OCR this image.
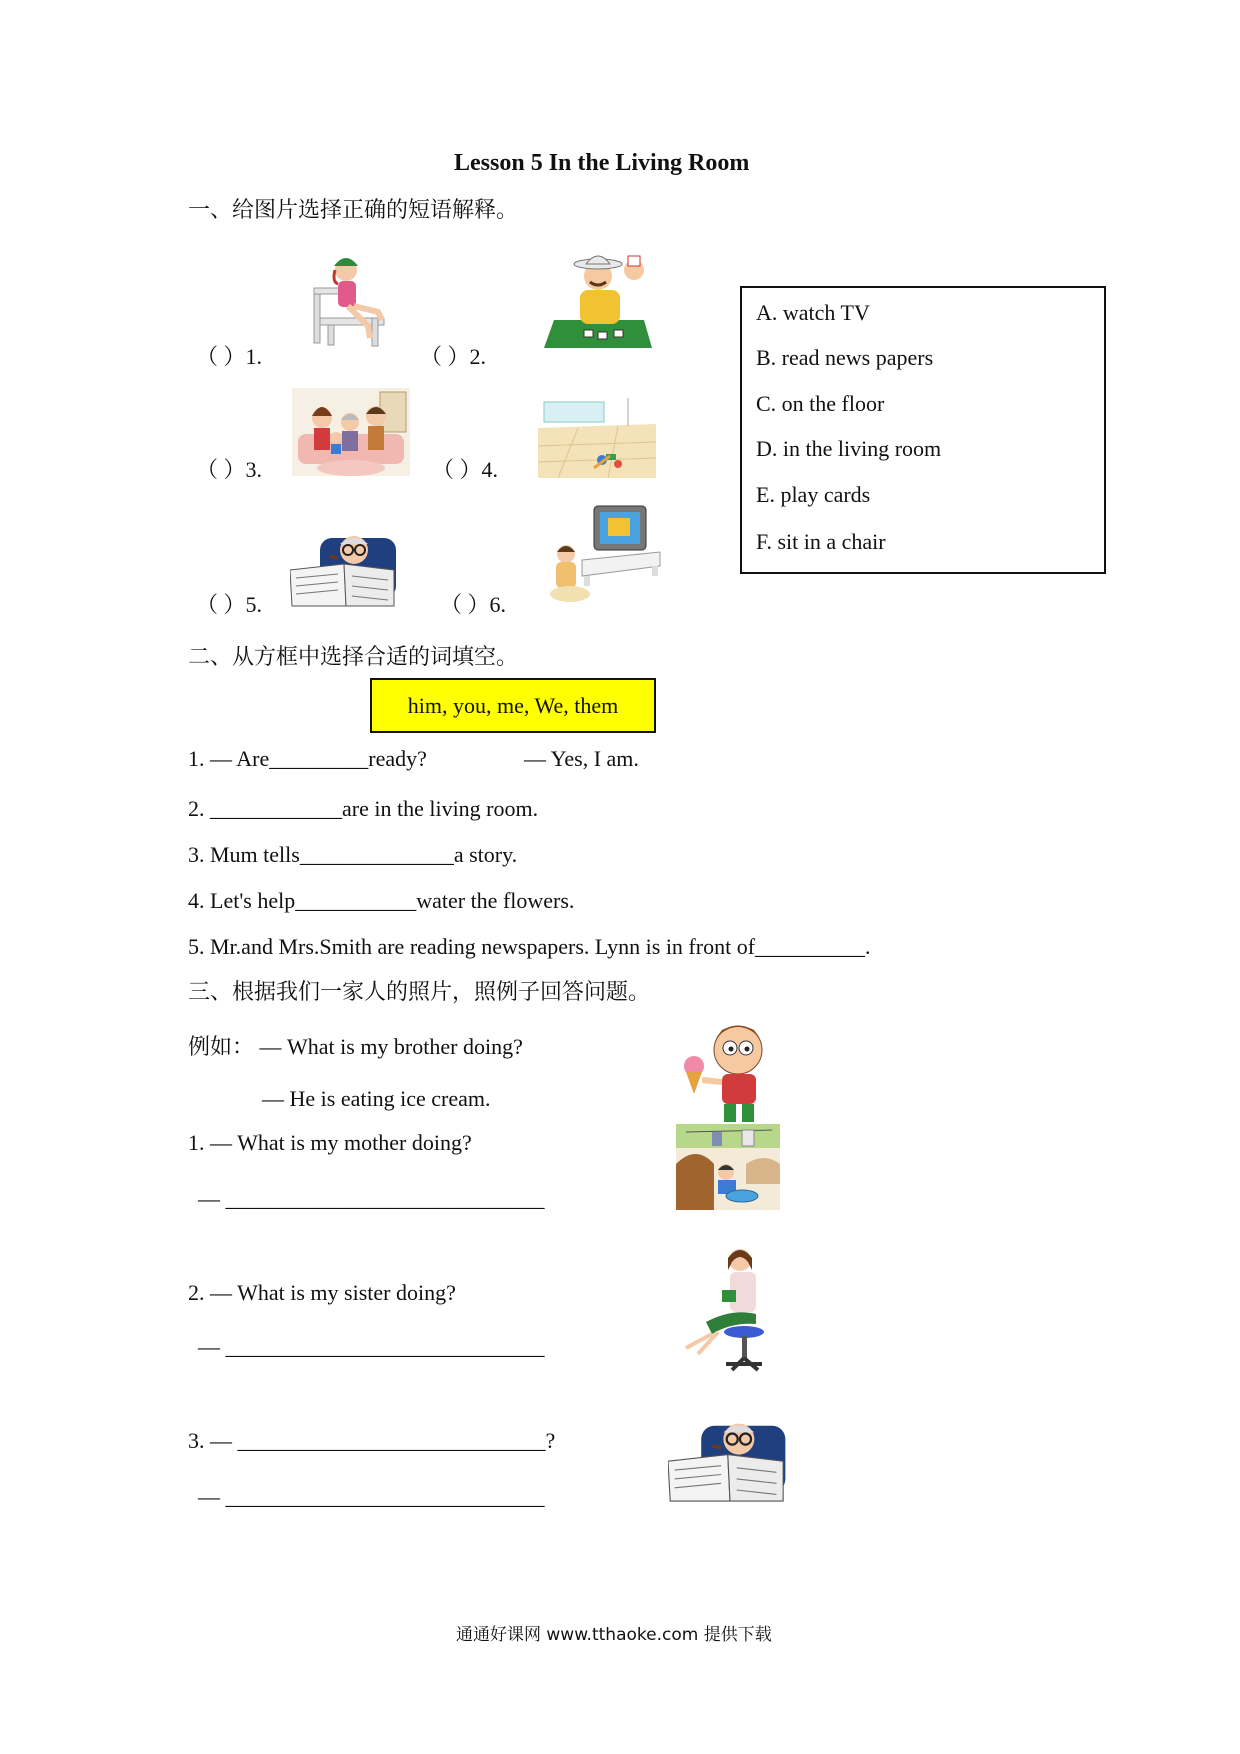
Lesson 5 In the Living Room
一、给图片选择正确的短语解释。
（ ）1.	（ ）2.
（ ）3.	（ ）4.
（ ）5.	（ ）6.
A. watch TV
B. read news papers
C. on the floor
D. in the living room
E. play cards
F. sit in a chair
二、从方框中选择合适的词填空。
him, you, me, We, them
1. — Are_________ready?	— Yes, I am.
2. ____________are in the living room.
3. Mum tells______________a story.
4. Let's help___________water the flowers.
5. Mr.and Mrs.Smith are reading newspapers. Lynn is in front of__________.
三、根据我们一家人的照片，照例子回答问题。
例如： — What is my brother doing?
— He is eating ice cream.
1. — What is my mother doing?
— _____________________________
2. — What is my sister doing?
— _____________________________
3. — ____________________________?
— _____________________________
通通好课网 www.tthaoke.com 提供下载
